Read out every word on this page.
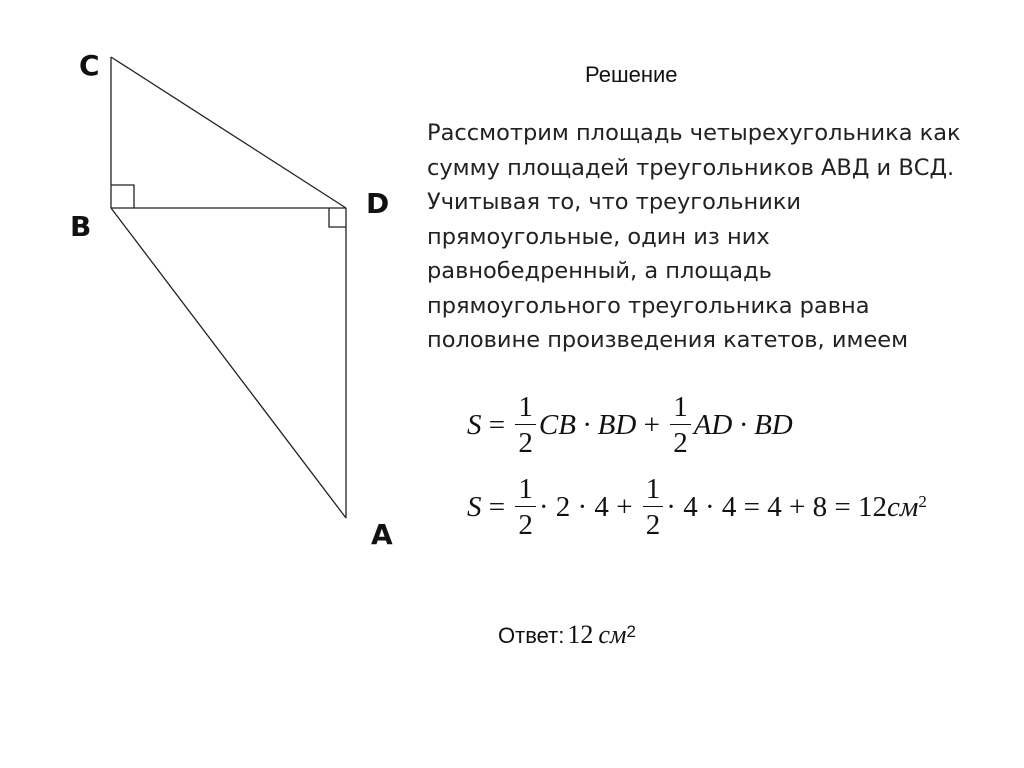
C
B
D
A
Решение
Рассмотрим площадь четырехугольника как
сумму площадей треугольников АВД и ВСД.
Учитывая то, что треугольники
прямоугольные, один из них
равнобедренный, а площадь
прямоугольного треугольника равна
половине произведения катетов, имеем
$S = \frac{1}{2}$ CB · BD + $\frac{1}{2}$ AD · BD
$S = \frac{1}{2} \cdot 2 \cdot 4 + \frac{1}{2} \cdot 4 \cdot 4 = 4 + 8 = 12$ $см^2$
Ответ: 12 $см^2$
